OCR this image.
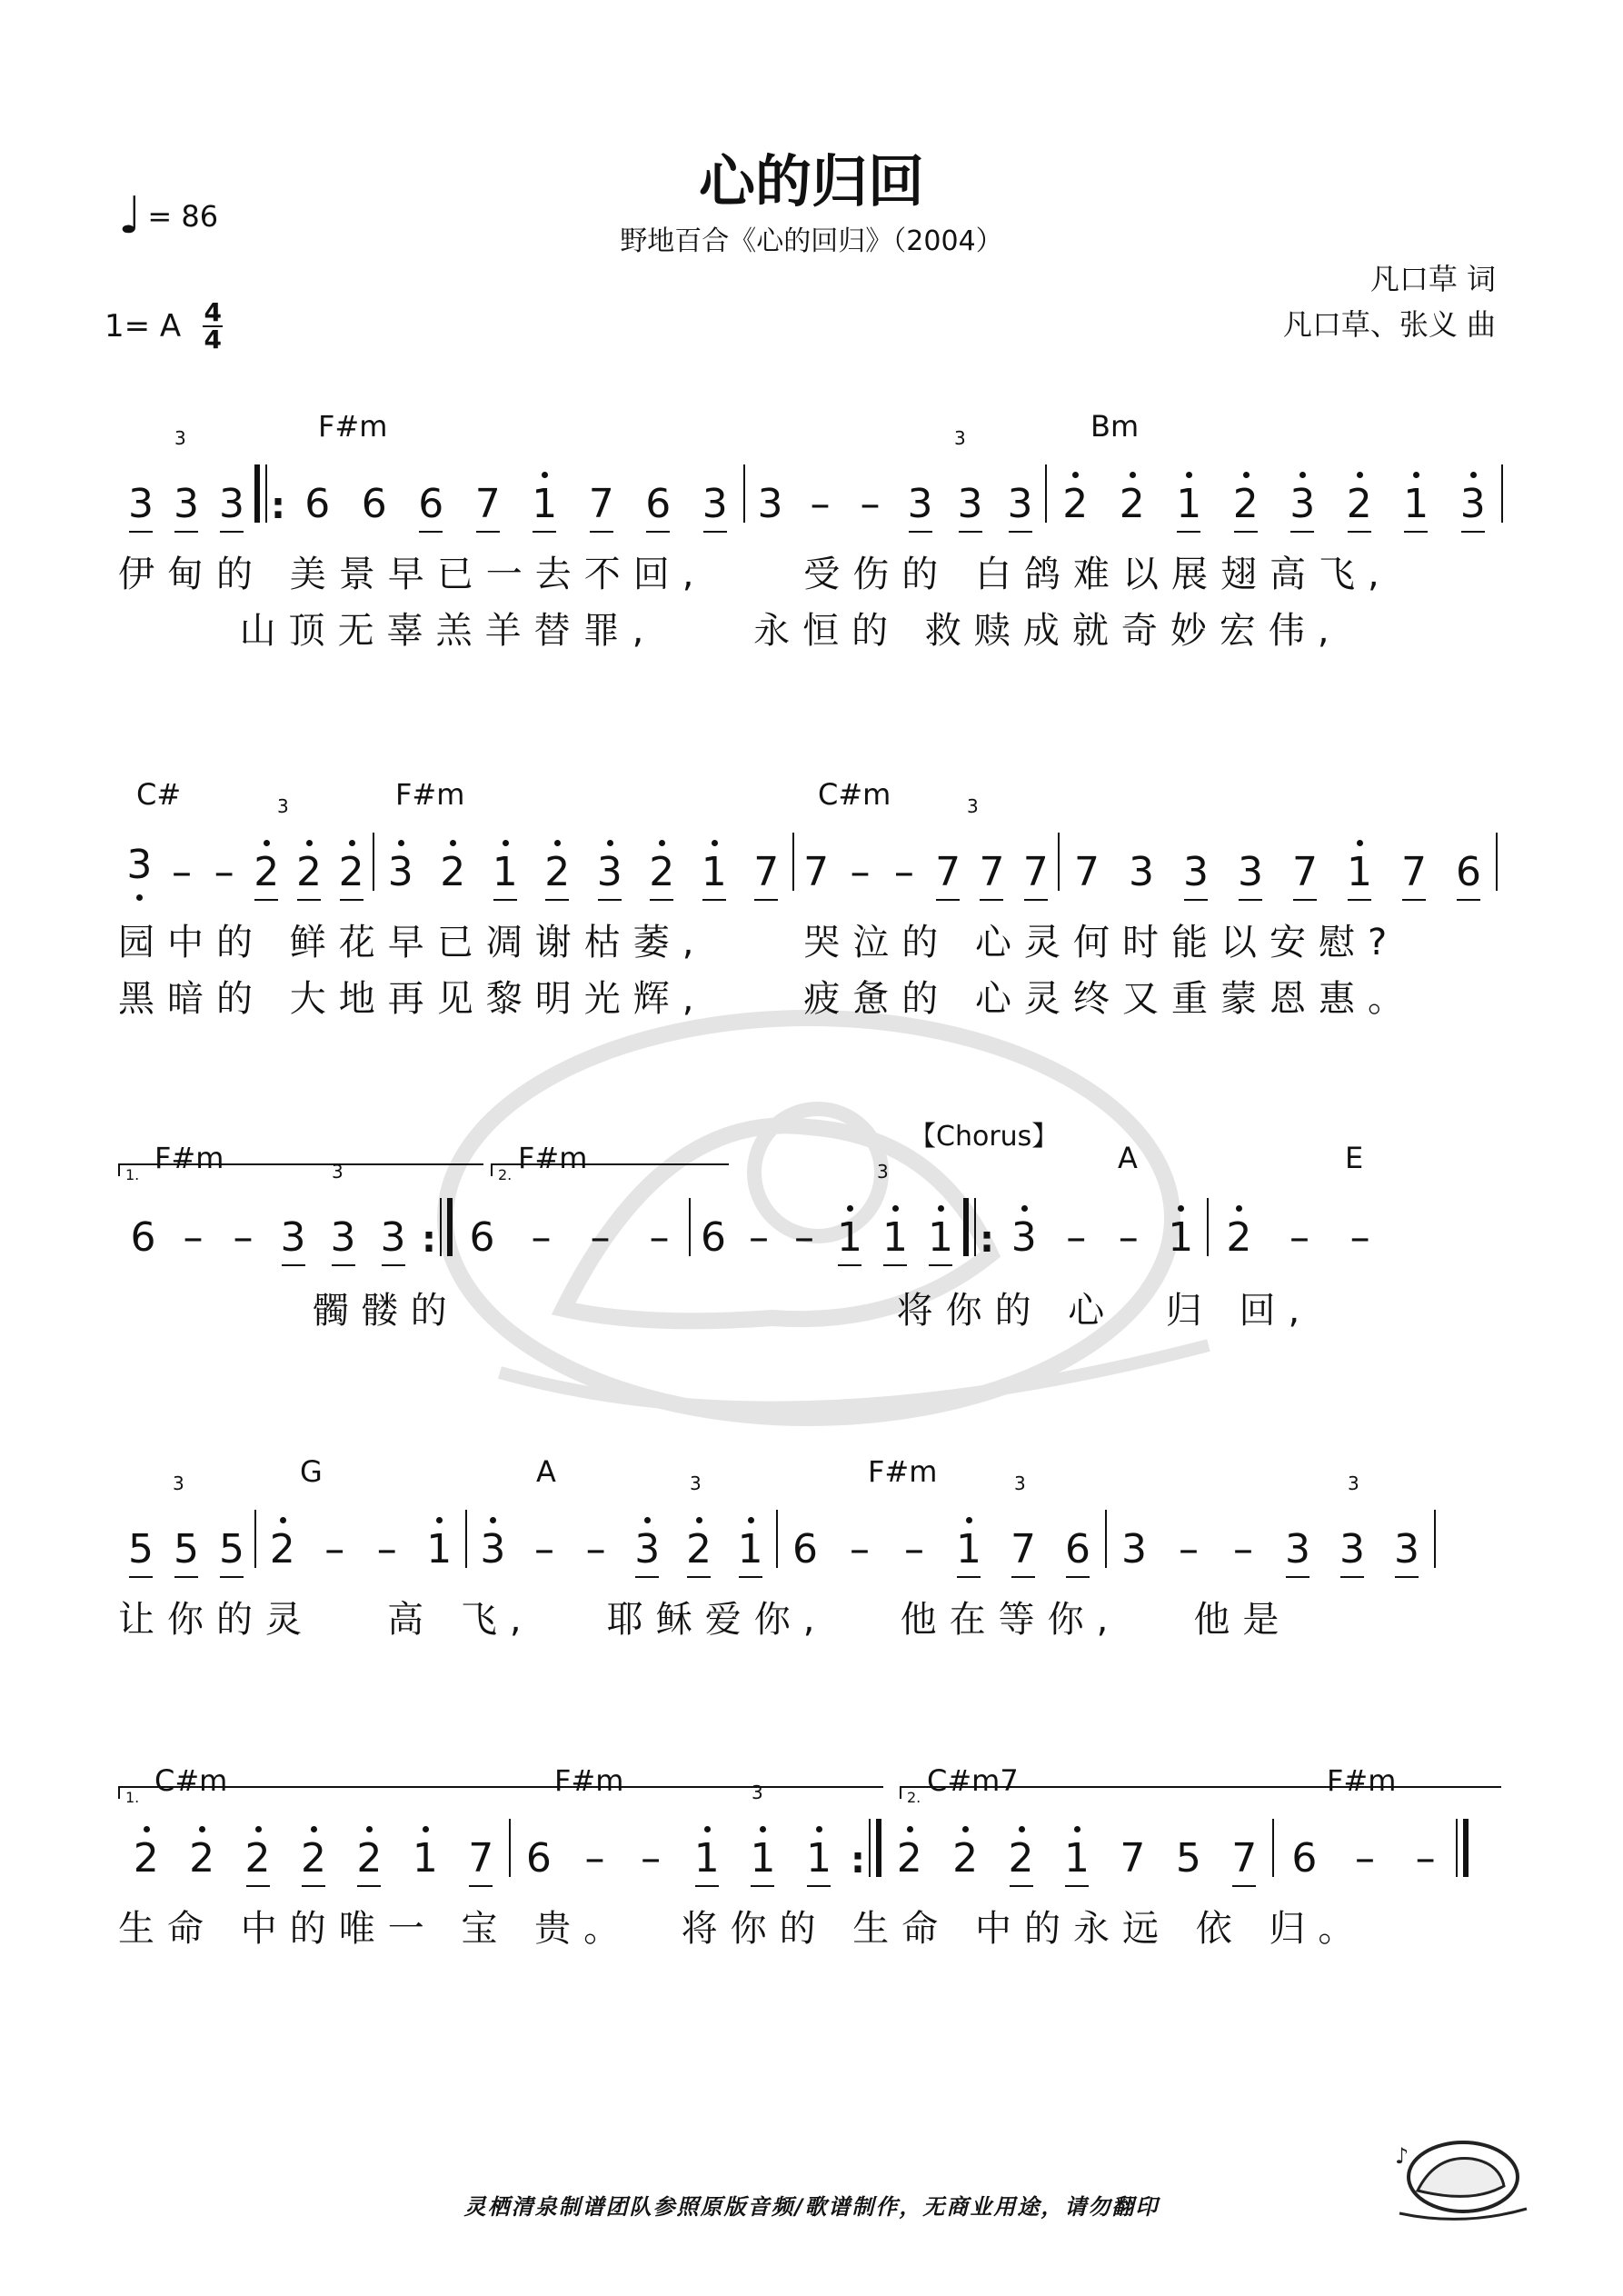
心的归回
野地百合《心的回归》（2004）
♩ = 86
1= A 4
4
凡口草 词
凡口草、张义 曲
F#m	Bm
3
3 3 3 : 6 6 6 7 1 7 6 3 3 – –
3
3 3 3 2 2 1 2 3 2 1 3
伊甸的 美景早已一去不回,    受伤的 白鸽难以展翅高飞,
山顶无辜羔羊替罪,    永恒的 救赎成就奇妙宏伟,
C#	F#m	C#m
3 – –
3
2 2 2 3 2 1 2 3 2 1 7 7 – –
3
7 7 7 7 3 3 3 7 1 7 6
园中的 鲜花早已凋谢枯萎,    哭泣的 心灵何时能以安慰?
黑暗的 大地再见黎明光辉,    疲惫的 心灵终又重蒙恩惠。
【Chorus】
1.	2.
F#m	F#m	A	E
6 – –
3
3 3 3 : 6 – – – 6 – –
3
1 1 1 : 3 – – 1 2 – –
髑髅的                  将你的 心  归 回,
G	A	F#m
3
5 5 5 2 – – 1 3 – –
3
3 2 1 6 – –
3
1 7 6 3 – –
3
3 3 3
让你的灵   高 飞,   耶稣爱你,   他在等你,   他是
1.	2.
C#m	F#m	C#m7	F#m
2 2 2 2 2 1 7 6 – –
3
1 1 1 : 2 2 2 1 7 5 7 6 – –
生命 中的唯一 宝 贵。  将你的 生命 中的永远 依 归。
灵栖清泉制谱团队参照原版音频/歌谱制作，无商业用途，请勿翻印
♪
